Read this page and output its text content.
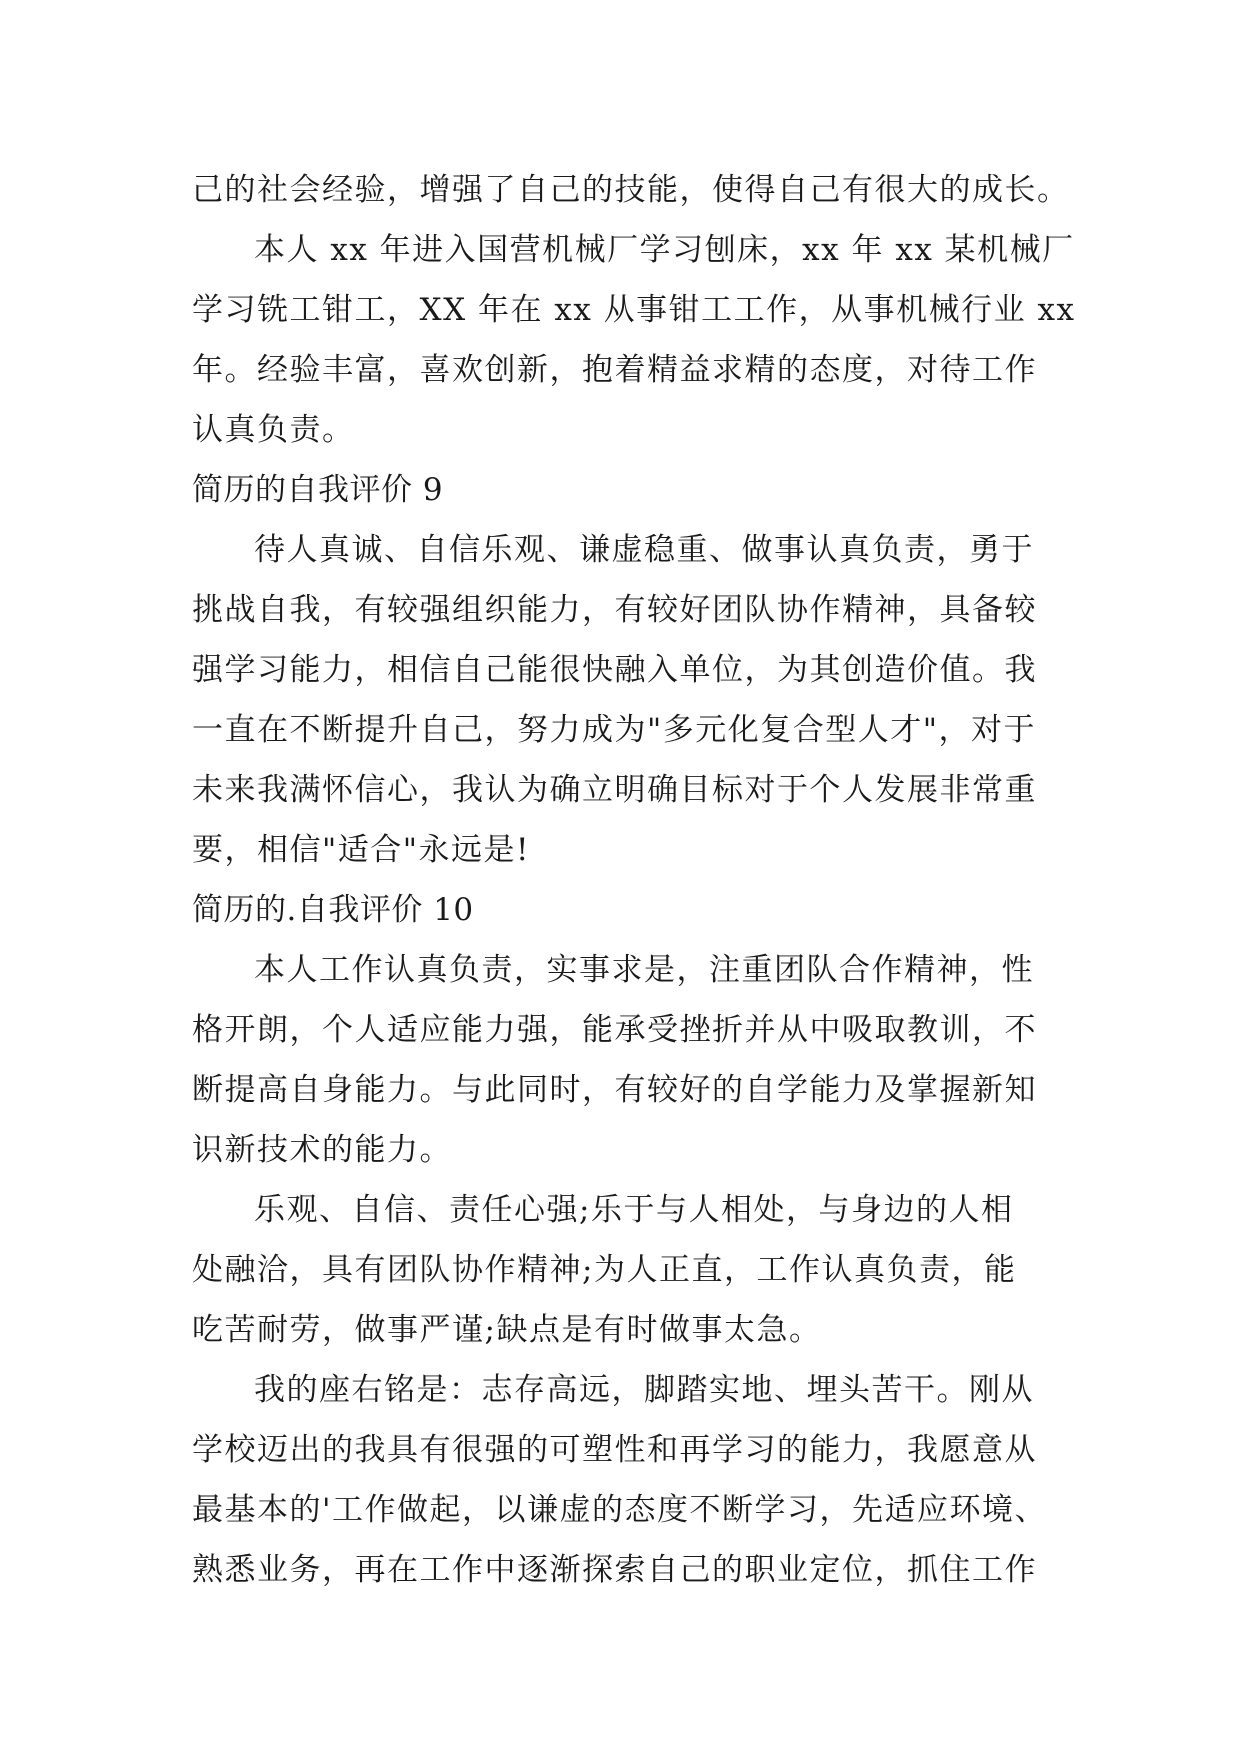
己的社会经验，增强了自己的技能，使得自己有很大的成长。
本人 xx 年进入国营机械厂学习刨床，xx 年 xx 某机械厂
学习铣工钳工，XX 年在 xx 从事钳工工作，从事机械行业 xx
年。经验丰富，喜欢创新，抱着精益求精的态度，对待工作
认真负责。
简历的自我评价 9
待人真诚、自信乐观、谦虚稳重、做事认真负责，勇于
挑战自我，有较强组织能力，有较好团队协作精神，具备较
强学习能力，相信自己能很快融入单位，为其创造价值。我
一直在不断提升自己，努力成为"多元化复合型人才"，对于
未来我满怀信心，我认为确立明确目标对于个人发展非常重
要，相信"适合"永远是!
简历的.自我评价 10
本人工作认真负责，实事求是，注重团队合作精神，性
格开朗，个人适应能力强，能承受挫折并从中吸取教训，不
断提高自身能力。与此同时，有较好的自学能力及掌握新知
识新技术的能力。
乐观、自信、责任心强;乐于与人相处，与身边的人相
处融洽，具有团队协作精神;为人正直，工作认真负责，能
吃苦耐劳，做事严谨;缺点是有时做事太急。
我的座右铭是：志存高远，脚踏实地、埋头苦干。刚从
学校迈出的我具有很强的可塑性和再学习的能力，我愿意从
最基本的'工作做起，以谦虚的态度不断学习，先适应环境、
熟悉业务，再在工作中逐渐探索自己的职业定位，抓住工作
